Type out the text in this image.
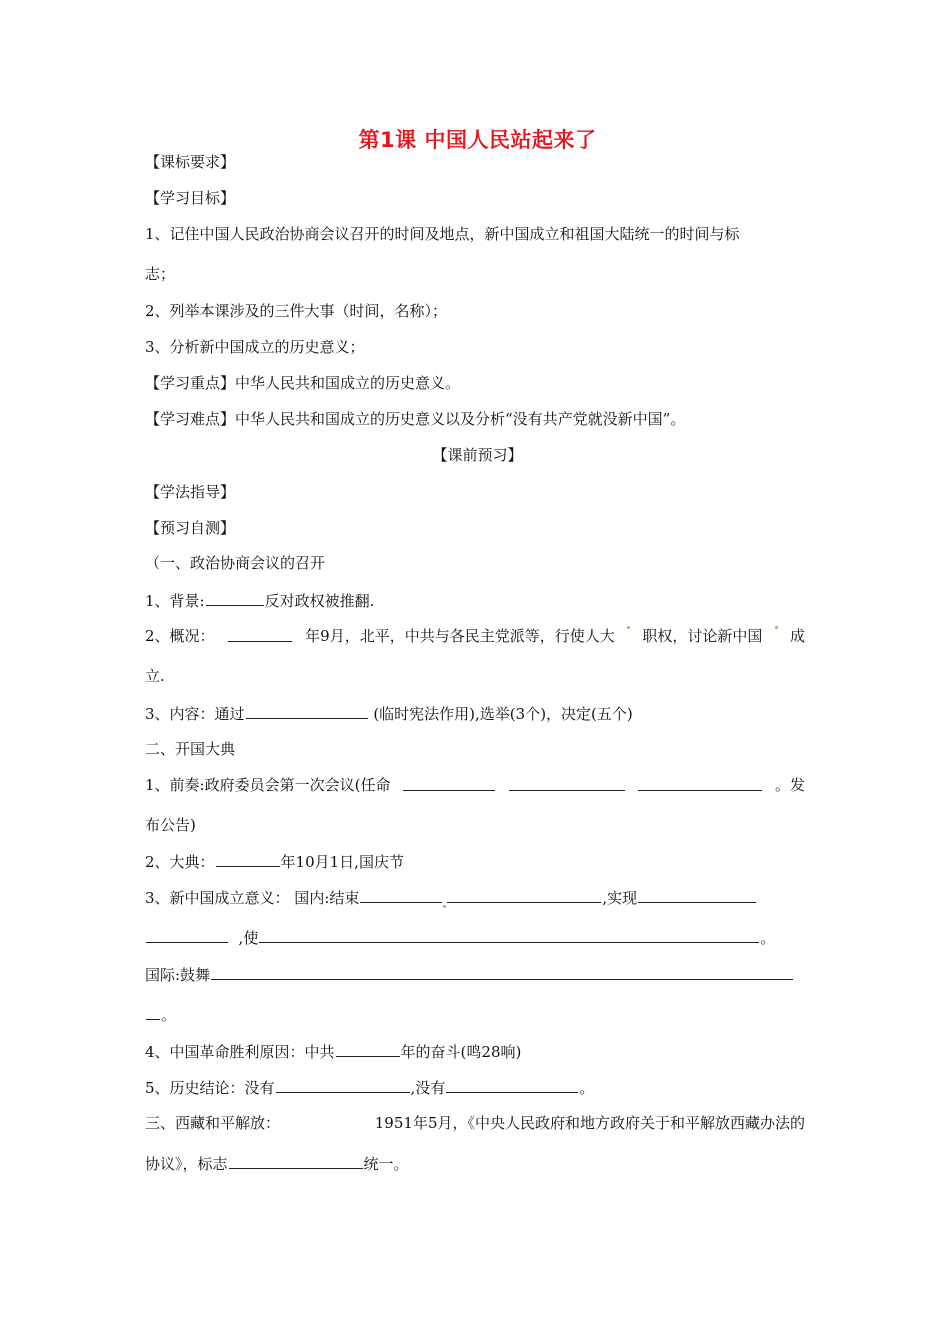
第1课 中国人民站起来了
【课标要求】
【学习目标】
1、记住中国人民政治协商会议召开的时间及地点，新中国成立和祖国大陆统一的时间与标
志；
2、列举本课涉及的三件大事（时间，名称）；
3、分析新中国成立的历史意义；
【学习重点】中华人民共和国成立的历史意义。
【学习难点】中华人民共和国成立的历史意义以及分析“没有共产党就没新中国”。
【课前预习】
【学法指导】
【预习自测】
（一、政治协商会议的召开
1、背景:	反对政权被推翻.
2、概况：	年9月，北平，中共与各民主党派等，行使人大 职权，讨论新中国 成
立.
3、内容：通过	(临时宪法作用),选举(3个)，决定(五个)
二、开国大典
1、前奏:政府委员会第一次会议(任命	。发
布公告)
2、大典：	年10月1日,国庆节
3、新中国成立意义： 国内:结束	,实现
,使	。
国际:鼓舞
。
4、中国革命胜利原因：中共	年的奋斗(鸣28响)
5、历史结论：没有	,没有	。
三、西藏和平解放：	1951年5月，《中央人民政府和地方政府关于和平解放西藏办法的
协议》，标志	统一。
